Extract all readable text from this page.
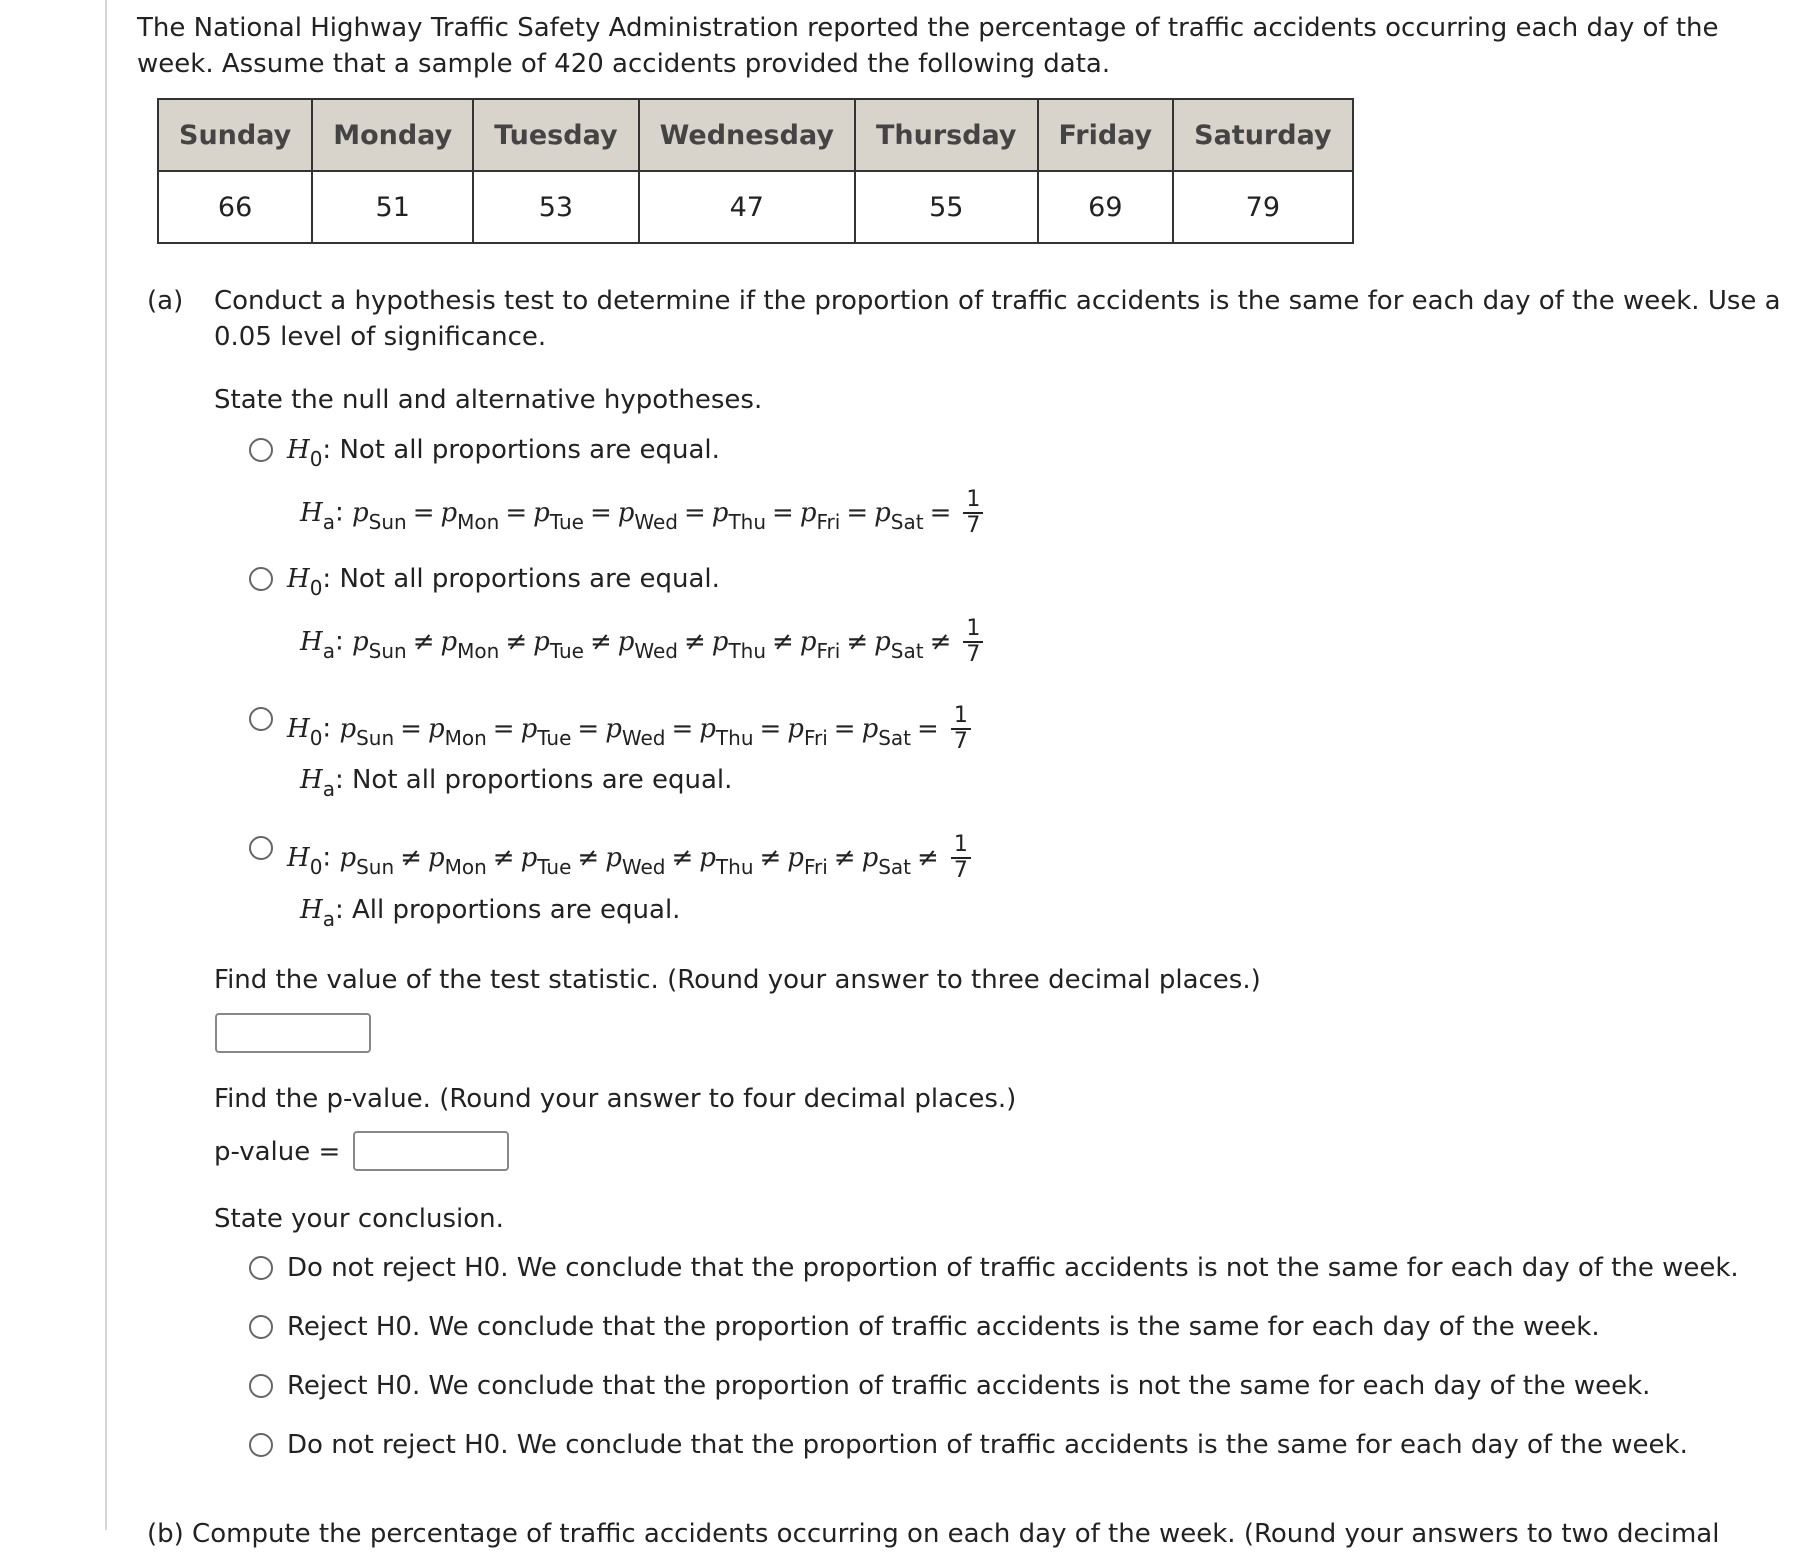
The National Highway Traffic Safety Administration reported the percentage of traffic accidents occurring each day of the week. Assume that a sample of 420 accidents provided the following data.

Sunday	Monday	Tuesday	Wednesday	Thursday	Friday	Saturday
66	51	53	47	55	69	79
(a) Conduct a hypothesis test to determine if the proportion of traffic accidents is the same for each day of the week. Use a 0.05 level of significance.
State the null and alternative hypotheses.
$H_0$: Not all proportions are equal.
$H_a$: $p_{Sun} = p_{Mon} = p_{Tue} = p_{Wed} = p_{Thu} = p_{Fri} = p_{Sat} = \frac{1}{7}$
$H_0$: Not all proportions are equal.
$H_a$: $p_{Sun} \ne p_{Mon} \ne p_{Tue} \ne p_{Wed} \ne p_{Thu} \ne p_{Fri} \ne p_{Sat} \ne \frac{1}{7}$
$H_0$: $p_{Sun} = p_{Mon} = p_{Tue} = p_{Wed} = p_{Thu} = p_{Fri} = p_{Sat} = \frac{1}{7}$
$H_a$: Not all proportions are equal.
$H_0$: $p_{Sun} \ne p_{Mon} \ne p_{Tue} \ne p_{Wed} \ne p_{Thu} \ne p_{Fri} \ne p_{Sat} \ne \frac{1}{7}$
$H_a$: All proportions are equal.
Find the value of the test statistic. (Round your answer to three decimal places.)
Find the p-value. (Round your answer to four decimal places.)
p-value =
State your conclusion.
Do not reject H0. We conclude that the proportion of traffic accidents is not the same for each day of the week.
Reject H0. We conclude that the proportion of traffic accidents is the same for each day of the week.
Reject H0. We conclude that the proportion of traffic accidents is not the same for each day of the week.
Do not reject H0. We conclude that the proportion of traffic accidents is the same for each day of the week.
(b) Compute the percentage of traffic accidents occurring on each day of the week. (Round your answers to two decimal
